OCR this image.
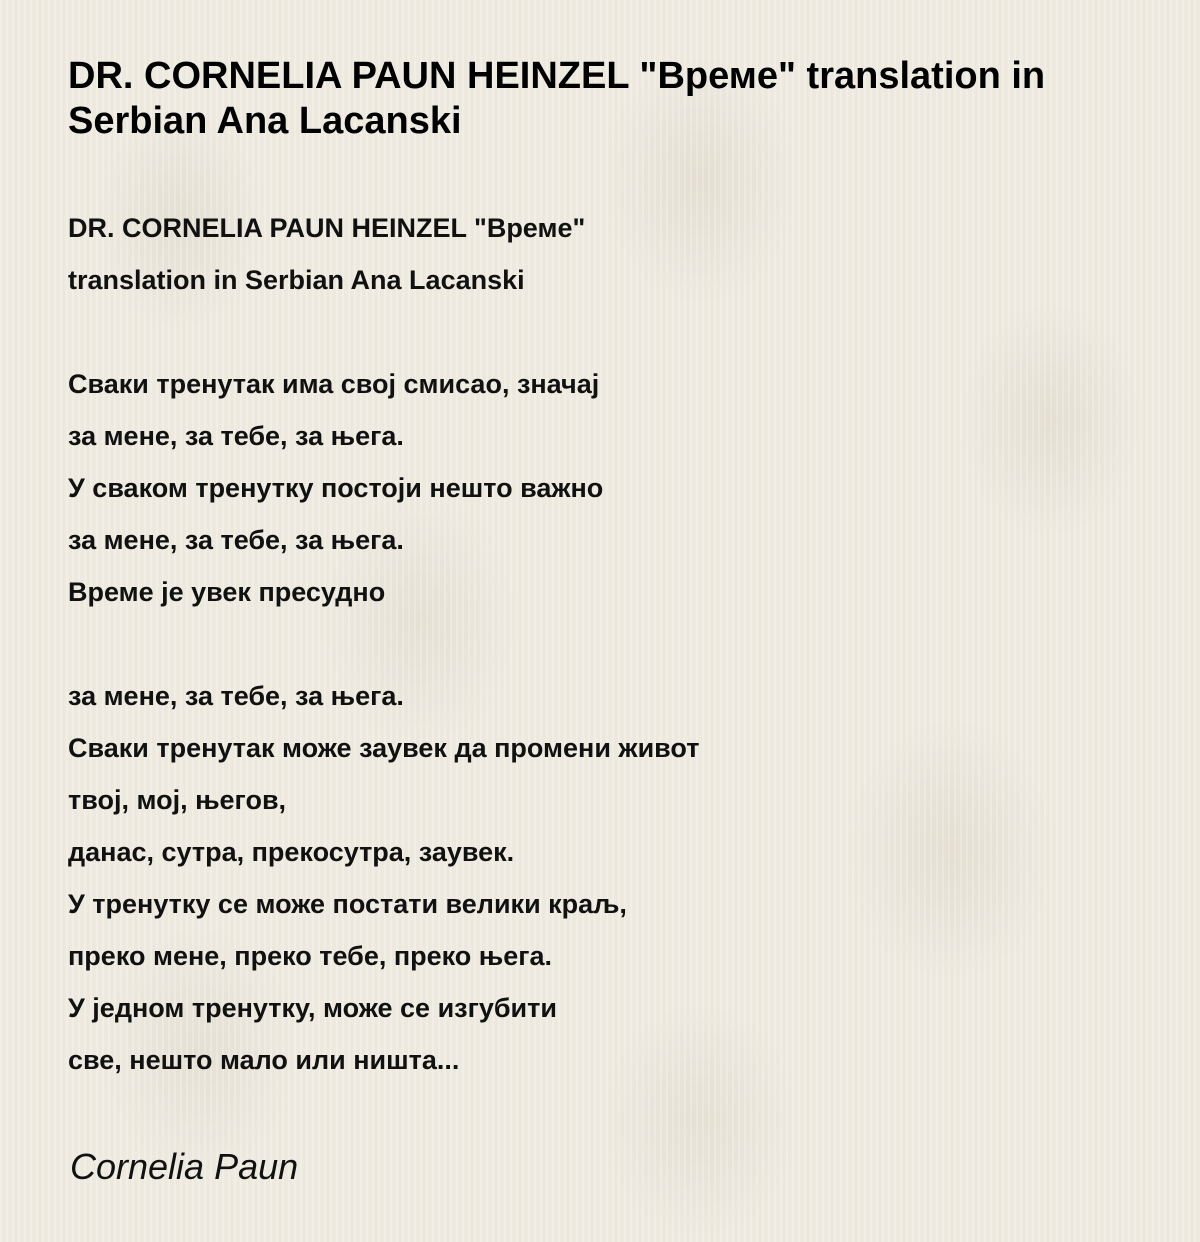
DR. CORNELIA PAUN HEINZEL "Време" translation in Serbian Ana Lacanski
DR. CORNELIA PAUN HEINZEL "Време"
translation in Serbian Ana Lacanski
Сваки тренутак има свој смисао, значај
за мене, за тебе, за њега.
У сваком тренутку постоји нешто важно
за мене, за тебе, за њега.
Време је увек пресудно
за мене, за тебе, за њега.
Сваки тренутак може заувек да промени живот
твој, мој, његов,
данас, сутра, прекосутра, заувек.
У тренутку се може постати велики краљ,
преко мене, преко тебе, преко њега.
У једном тренутку, може се изгубити
све, нешто мало или ништа...
Cornelia Paun
